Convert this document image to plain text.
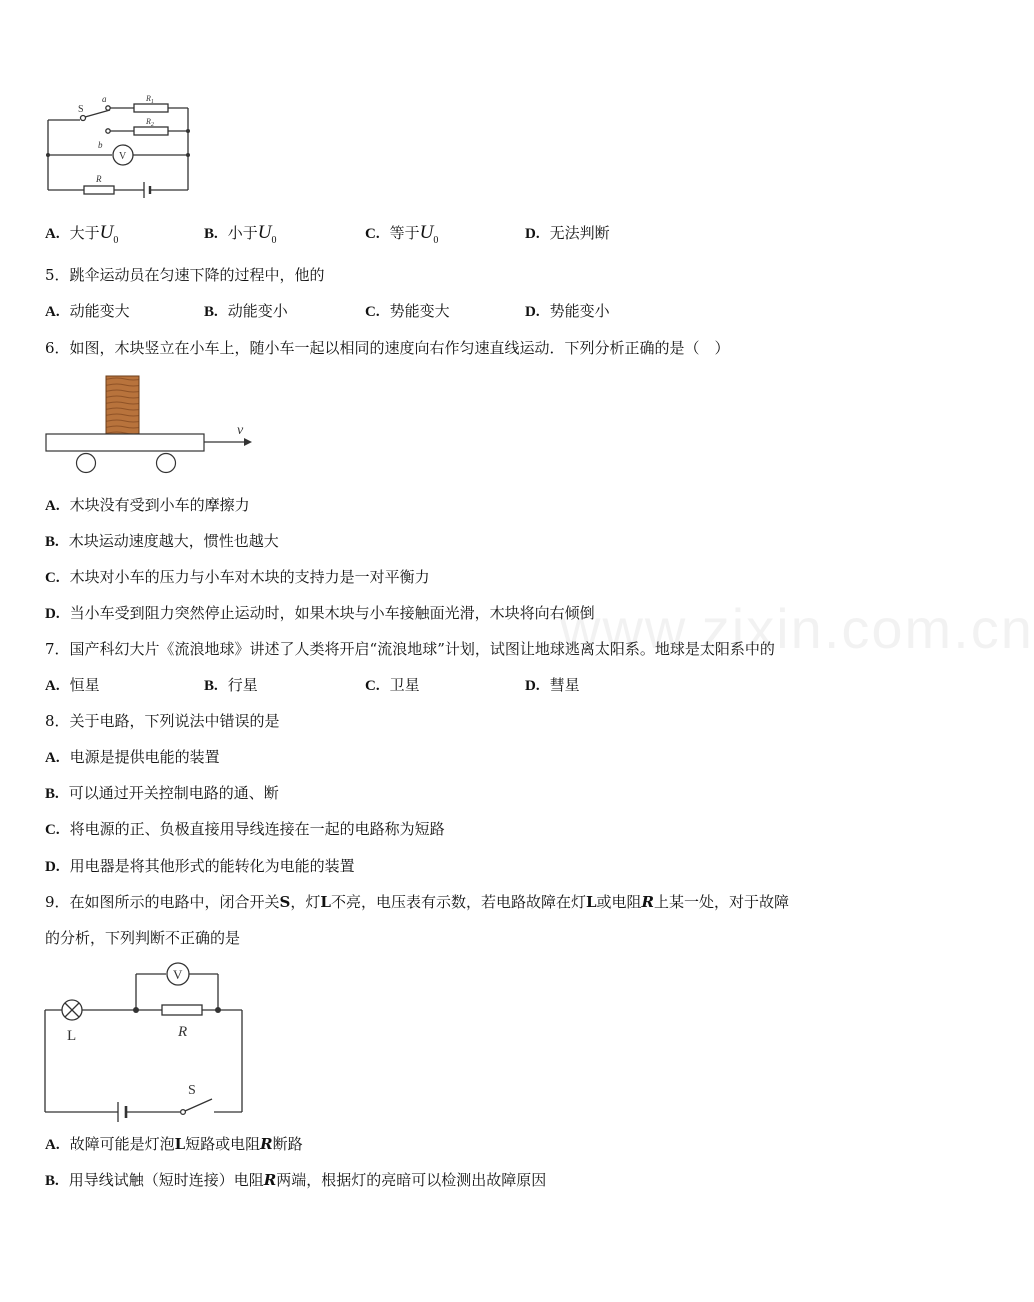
www.zixin.com.cn
S
a
b
$R_1$
$R_2$
V
R
A. 大于$U_0$	B. 小于$U_0$	C. 等于$U_0$	D. 无法判断
5．跳伞运动员在匀速下降的过程中，他的
A. 动能变大	B. 动能变小	C. 势能变大	D. 势能变小
6．如图，木块竖立在小车上，随小车一起以相同的速度向右作匀速直线运动．下列分析正确的是（　）
v
A. 木块没有受到小车的摩擦力
B. 木块运动速度越大，惯性也越大
C. 木块对小车的压力与小车对木块的支持力是一对平衡力
D. 当小车受到阻力突然停止运动时，如果木块与小车接触面光滑，木块将向右倾倒
7．国产科幻大片《流浪地球》讲述了人类将开启“流浪地球”计划，试图让地球逃离太阳系。地球是太阳系中的
A. 恒星	B. 行星	C. 卫星	D. 彗星
8．关于电路，下列说法中错误的是
A. 电源是提供电能的装置
B. 可以通过开关控制电路的通、断
C. 将电源的正、负极直接用导线连接在一起的电路称为短路
D. 用电器是将其他形式的能转化为电能的装置
9．在如图所示的电路中，闭合开关S，灯L不亮，电压表有示数，若电路故障在灯L或电阻R上某一处，对于故障
的分析，下列判断不正确的是
V
L	R
S
A. 故障可能是灯泡L短路或电阻R断路
B. 用导线试触（短时连接）电阻R两端，根据灯的亮暗可以检测出故障原因
